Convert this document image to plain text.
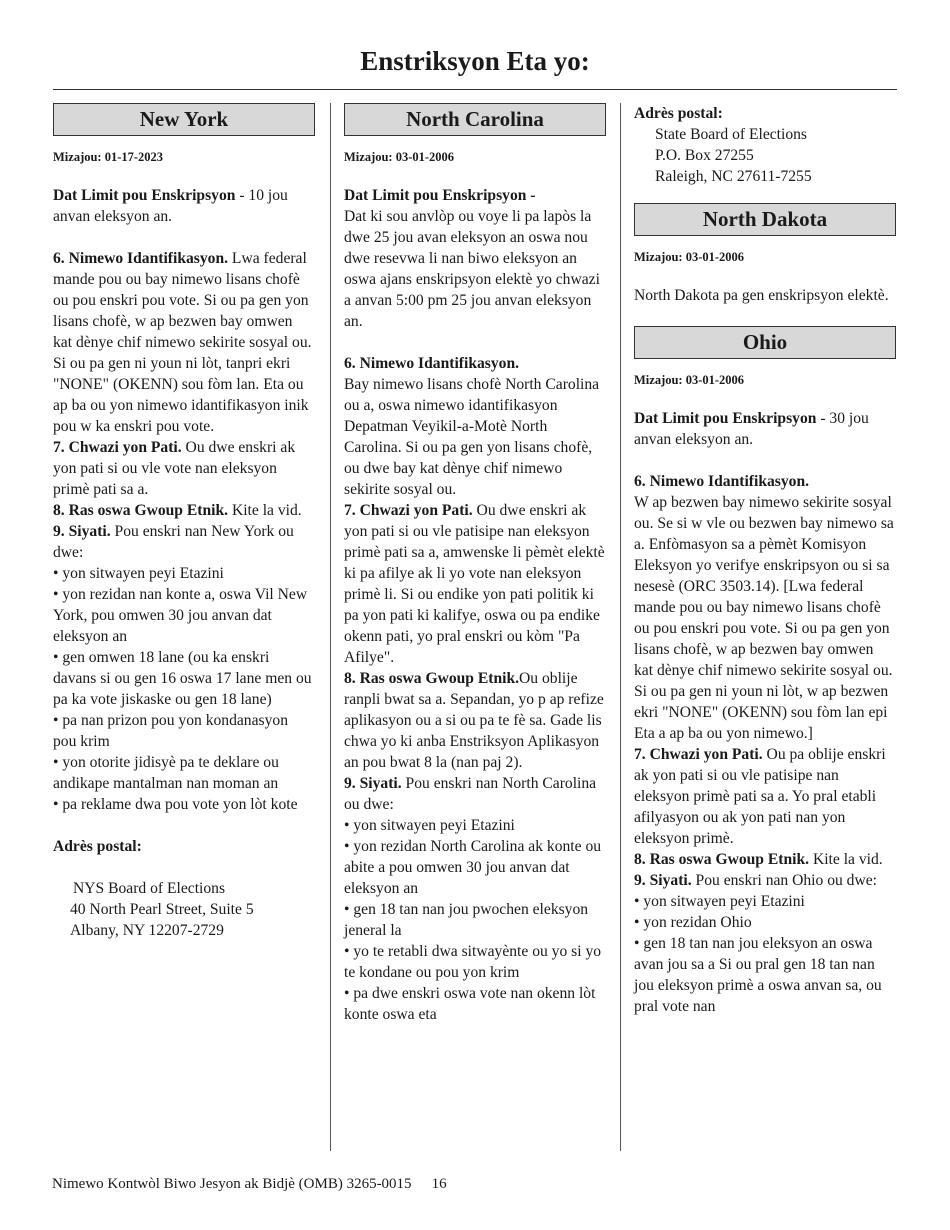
Enstriksyon Eta yo:
New York
Mizajou: 01-17-2023

Dat Limit pou Enskripsyon - 10 jou anvan eleksyon an.

6. Nimewo Idantifikasyon. Lwa federal mande pou ou bay nimewo lisans chofè ou pou enskri pou vote. Si ou pa gen yon lisans chofè, w ap bezwen bay omwen kat dènye chif nimewo sekirite sosyal ou. Si ou pa gen ni youn ni lòt, tanpri ekri "NONE" (OKENN) sou fòm lan. Eta ou ap ba ou yon nimewo idantifikasyon inik pou w ka enskri pou vote.

7. Chwazi yon Pati. Ou dwe enskri ak yon pati si ou vle vote nan eleksyon primè pati sa a.

8. Ras oswa Gwoup Etnik. Kite la vid.

9. Siyati. Pou enskri nan New York ou dwe:

• yon sitwayen peyi Etazini

• yon rezidan nan konte a, oswa Vil New York, pou omwen 30 jou anvan dat eleksyon an

• gen omwen 18 lane (ou ka enskri davans si ou gen 16 oswa 17 lane men ou pa ka vote jiskaske ou gen 18 lane)

• pa nan prizon pou yon kondanasyon pou krim

• yon otorite jidisyè pa te deklare ou andikape mantalman nan moman an

• pa reklame dwa pou vote yon lòt kote

Adrès postal:

NYS Board of Elections

40 North Pearl Street, Suite 5

Albany, NY 12207-2729

North Carolina
Mizajou: 03-01-2006

Dat Limit pou Enskripsyon -

Dat ki sou anvlòp ou voye li pa lapòs la dwe 25 jou avan eleksyon an oswa nou dwe resevwa li nan biwo eleksyon an oswa ajans enskripsyon elektè yo chwazi a anvan 5:00 pm 25 jou anvan eleksyon an.

6. Nimewo Idantifikasyon.

Bay nimewo lisans chofè North Carolina ou a, oswa nimewo idantifikasyon Depatman Veyikil-a-Motè North Carolina. Si ou pa gen yon lisans chofè, ou dwe bay kat dènye chif nimewo sekirite sosyal ou.

7. Chwazi yon Pati. Ou dwe enskri ak yon pati si ou vle patisipe nan eleksyon primè pati sa a, amwenske li pèmèt elektè ki pa afilye ak li yo vote nan eleksyon primè li. Si ou endike yon pati politik ki pa yon pati ki kalifye, oswa ou pa endike okenn pati, yo pral enskri ou kòm "Pa Afilye".

8. Ras oswa Gwoup Etnik.Ou oblije ranpli bwat sa a. Sepandan, yo p ap refize aplikasyon ou a si ou pa te fè sa. Gade lis chwa yo ki anba Enstriksyon Aplikasyon an pou bwat 8 la (nan paj 2).

9. Siyati. Pou enskri nan North Carolina ou dwe:

• yon sitwayen peyi Etazini

• yon rezidan North Carolina ak konte ou abite a pou omwen 30 jou anvan dat eleksyon an

• gen 18 tan nan jou pwochen eleksyon jeneral la

• yo te retabli dwa sitwayènte ou yo si yo te kondane ou pou yon krim

• pa dwe enskri oswa vote nan okenn lòt konte oswa eta

Adrès postal:

State Board of Elections

P.O. Box 27255

Raleigh, NC 27611-7255

North Dakota
Mizajou: 03-01-2006

North Dakota pa gen enskripsyon elektè.

Ohio
Mizajou: 03-01-2006

Dat Limit pou Enskripsyon - 30 jou anvan eleksyon an.

6. Nimewo Idantifikasyon.

W ap bezwen bay nimewo sekirite sosyal ou. Se si w vle ou bezwen bay nimewo sa a. Enfòmasyon sa a pèmèt Komisyon Eleksyon yo verifye enskripsyon ou si sa nesesè (ORC 3503.14). [Lwa federal mande pou ou bay nimewo lisans chofè ou pou enskri pou vote. Si ou pa gen yon lisans chofè, w ap bezwen bay omwen kat dènye chif nimewo sekirite sosyal ou. Si ou pa gen ni youn ni lòt, w ap bezwen ekri "NONE" (OKENN) sou fòm lan epi Eta a ap ba ou yon nimewo.]

7. Chwazi yon Pati. Ou pa oblije enskri ak yon pati si ou vle patisipe nan eleksyon primè pati sa a. Yo pral etabli afilyasyon ou ak yon pati nan yon eleksyon primè.

8. Ras oswa Gwoup Etnik. Kite la vid.

9. Siyati. Pou enskri nan Ohio ou dwe:

• yon sitwayen peyi Etazini

• yon rezidan Ohio

• gen 18 tan nan jou eleksyon an oswa avan jou sa a Si ou pral gen 18 tan nan jou eleksyon primè a oswa anvan sa, ou pral vote nan

Nimewo Kontwòl Biwo Jesyon ak Bidjè (OMB) 3265-0015 16
